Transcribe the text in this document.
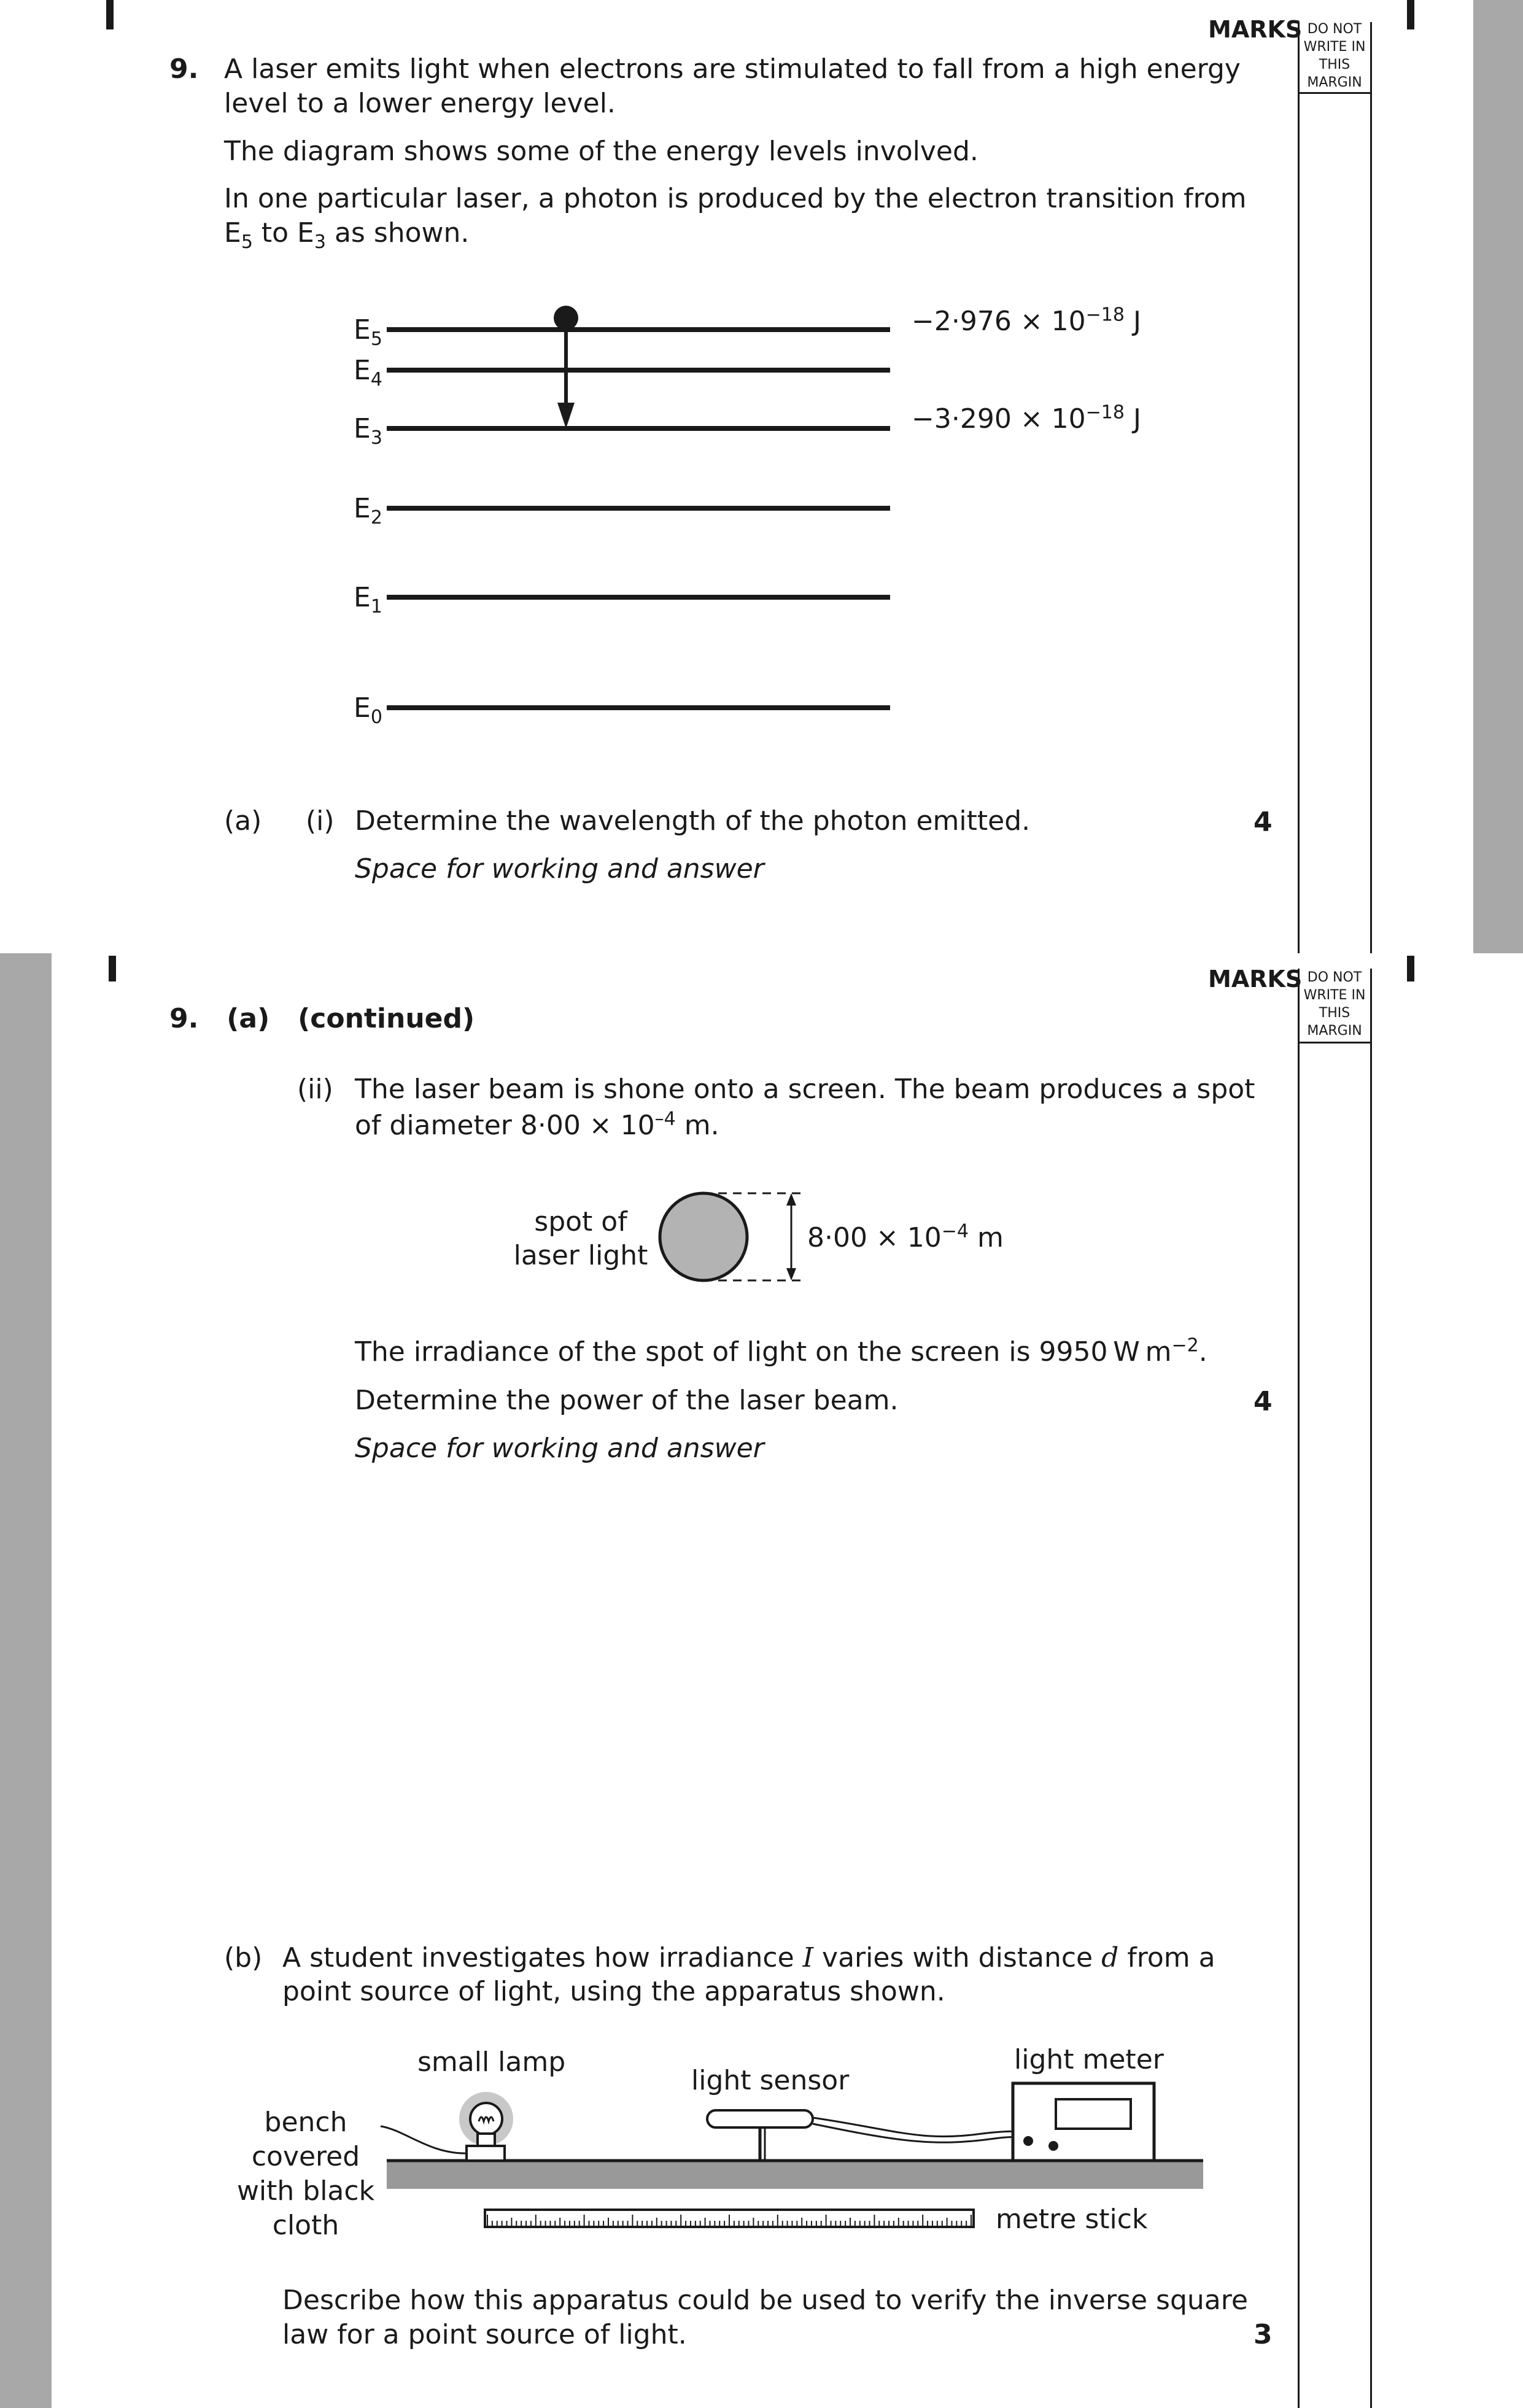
MARKS DO NOT
WRITE IN
THIS
MARGIN
9. A laser emits light when electrons are stimulated to fall from a high energy
level to a lower energy level.
The diagram shows some of the energy levels involved.
In one particular laser, a photon is produced by the electron transition from
$E_5$ to $E_3$ as shown.
$E_5$
$E_4$
$E_3$
$E_2$
$E_1$
$E_0$
$-2\cdot 976 \times 10^{-18}$ J
$-3\cdot 290 \times 10^{-18}$ J
(a) (i) Determine the wavelength of the photon emitted.	4
Space for working and answer
MARKS DO NOT
WRITE IN
THIS
MARGIN
9.   (a)   (continued)
(ii) The laser beam is shone onto a screen. The beam produces a spot
of diameter $8\cdot 00 \times 10^{-4}$ m.
spot of
laser light
$8\cdot 00 \times 10^{-4}$ m
The irradiance of the spot of light on the screen is 9950 W $m^{-2}$.
Determine the power of the laser beam.	4
Space for working and answer
(b) A student investigates how irradiance I varies with distance d from a
point source of light, using the apparatus shown.
small lamp
light sensor
light meter
bench
covered
with black
cloth	metre stick
Describe how this apparatus could be used to verify the inverse square
law for a point source of light.	3
